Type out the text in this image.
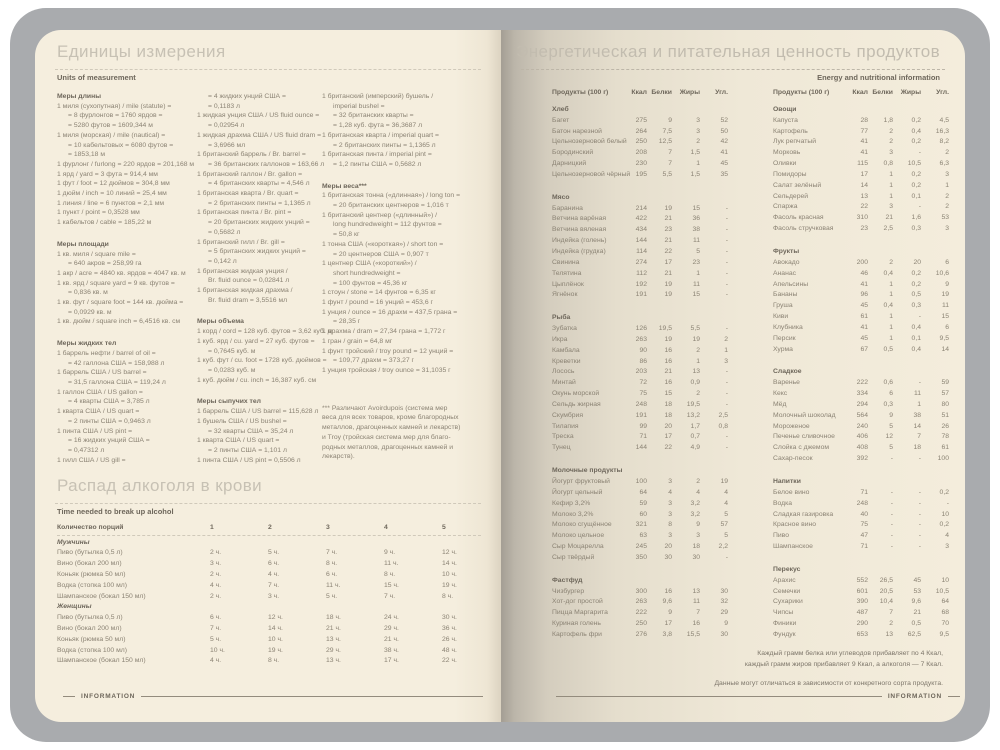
Единицы измерения
Units of measurement
Меры длины
1 миля (сухопутная) / mile (statute) =
= 8 фурлонгов = 1760 ярдов =
= 5280 футов = 1609,344 м
1 миля (морская) / mile (nautical) =
= 10 кабельтовых = 6080 футов =
= 1853,18 м
1 фурлонг / furlong = 220 ярдов = 201,168 м
1 ярд / yard = 3 фута = 914,4 мм
1 фут / foot = 12 дюймов = 304,8 мм
1 дюйм / inch = 10 линий = 25,4 мм
1 линия / line = 6 пунктов = 2,1 мм
1 пункт / point = 0,3528 мм
1 кабельтов / cable = 185,22 м
Меры площади
1 кв. миля / square mile =
= 640 акров = 258,99 га
1 акр / acre = 4840 кв. ярдов = 4047 кв. м
1 кв. ярд / square yard = 9 кв. футов =
= 0,836 кв. м
1 кв. фут / square foot = 144 кв. дюйма =
= 0,0929 кв. м
1 кв. дюйм / square inch = 6,4516 кв. см
Меры жидких тел
1 баррель нефти / barrel of oil =
= 42 галлона США = 158,988 л
1 баррель США / US barrel =
= 31,5 галлона США = 119,24 л
1 галлон США / US gallon =
= 4 кварты США = 3,785 л
1 кварта США / US quart =
= 2 пинты США = 0,9463 л
1 пинта США / US pint =
= 16 жидких унций США =
= 0,47312 л
1 гилл США / US gill =
= 4 жидких унций США =
= 0,1183 л
1 жидкая унция США / US fluid ounce =
= 0,02954 л
1 жидкая драхма США / US fluid dram =
= 3,6966 мл
1 британский баррель / Br. barrel =
= 36 британских галлонов = 163,66 л
1 британский галлон / Br. gallon =
= 4 британских кварты = 4,546 л
1 британская кварта / Br. quart =
= 2 британских пинты = 1,1365 л
1 британская пинта / Br. pint =
= 20 британских жидких унций =
= 0,5682 л
1 британский гилл / Br. gill =
= 5 британских жидких унций =
= 0,142 л
1 британская жидкая унция /
Br. fluid ounce = 0,02841 л
1 британская жидкая драхма /
Br. fluid dram = 3,5516 мл
Меры объема
1 корд / cord = 128 куб. футов = 3,62 куб. м
1 куб. ярд / cu. yard = 27 куб. футов =
= 0,7645 куб. м
1 куб. фут / cu. foot = 1728 куб. дюймов =
= 0,0283 куб. м
1 куб. дюйм / cu. inch = 16,387 куб. см
Меры сыпучих тел
1 баррель США / US barrel = 115,628 л
1 бушель США / US bushel =
= 32 кварты США = 35,24 л
1 кварта США / US quart =
= 2 пинты США = 1,101 л
1 пинта США / US pint = 0,5506 л
1 британский (имперский) бушель /
imperial bushel =
= 32 британских кварты =
= 1,28 куб. фута = 36,3687 л
1 британская кварта / imperial quart =
= 2 британских пинты = 1,1365 л
1 британская пинта / imperial pint =
= 1,2 пинты США = 0,5682 л
Меры веса***
1 британская тонна («длинная») / long ton =
= 20 британских центнеров = 1,016 т
1 британский центнер («длинный») /
long hundredweight = 112 фунтов =
= 50,8 кг
1 тонна США («короткая») / short ton =
= 20 центнеров США = 0,907 т
1 центнер США («короткий») /
short hundredweight =
= 100 фунтов = 45,36 кг
1 стоун / stone = 14 фунтов = 6,35 кг
1 фунт / pound = 16 унций = 453,6 г
1 унция / ounce = 16 драхм = 437,5 грана =
= 28,35 г
1 драхма / dram = 27,34 грана = 1,772 г
1 гран / grain = 64,8 мг
1 фунт тройский / troy pound = 12 унций =
= 109,77 драхм = 373,27 г
1 унция тройская / troy ounce = 31,1035 г
*** Различают Avoirdupois (система мер
веса для всех товаров, кроме благородных
металлов, драгоценных камней и лекарств)
и Troy (тройская система мер для благо-
родных металлов, драгоценных камней и
лекарств).
Распад алкоголя в крови
Time needed to break up alcohol
Количество порций	1	2	3	4	5
Мужчины
Пиво (бутылка 0,5 л)	2 ч.	5 ч.	7 ч.	9 ч.	12 ч.
Вино (бокал 200 мл)	3 ч.	6 ч.	8 ч.	11 ч.	14 ч.
Коньяк (рюмка 50 мл)	2 ч.	4 ч.	6 ч.	8 ч.	10 ч.
Водка (стопка 100 мл)	4 ч.	7 ч.	11 ч.	15 ч.	19 ч.
Шампанское (бокал 150 мл)	2 ч.	3 ч.	5 ч.	7 ч.	8 ч.
Женщины
Пиво (бутылка 0,5 л)	6 ч.	12 ч.	18 ч.	24 ч.	30 ч.
Вино (бокал 200 мл)	7 ч.	14 ч.	21 ч.	29 ч.	36 ч.
Коньяк (рюмка 50 мл)	5 ч.	10 ч.	13 ч.	21 ч.	26 ч.
Водка (стопка 100 мл)	10 ч.	19 ч.	29 ч.	38 ч.	48 ч.
Шампанское (бокал 150 мл)	4 ч.	8 ч.	13 ч.	17 ч.	22 ч.
INFORMATION
Энергетическая и питательная ценность продуктов
Energy and nutritional information
Продукты (100 г)	Ккал Белки	Жиры	Угл.
Хлеб
Багет	275	9	3	52
Батон нарезной	264	7,5	3	50
Цельнозерновой белый	250	12,5	2	42
Бородинский	208	7	1,5	41
Дарницкий	230	7	1	45
Цельнозерновой чёрный 195	5,5	1,5	35
Мясо
Баранина	214	19	15	-
Ветчина варёная	422	21	36	-
Ветчина вяленая	434	23	38	-
Индейка (голень)	144	21	11	-
Индейка (грудка)	114	22	5	-
Свинина	274	17	23	-
Телятина	112	21	1	-
Цыплёнок	192	19	11	-
Ягнёнок	191	19	15	-
Рыба
Зубатка	126	19,5	5,5	-
Икра	263	19	19	2
Камбала	90	16	2	1
Креветки	86	16	1	3
Лосось	203	21	13	-
Минтай	72	16	0,9	-
Окунь морской	75	15	2	-
Сельдь жирная	248	18	19,5	-
Скумбрия	191	18	13,2	2,5
Тилапия	99	20	1,7	0,8
Треска	71	17	0,7	-
Тунец	144	22	4,9	-
Молочные продукты
Йогурт фруктовый	100	3	2	19
Йогурт цельный	64	4	4	4
Кефир 3,2%	59	3	3,2	4
Молоко 3,2%	60	3	3,2	5
Молоко сгущённое	321	8	9	57
Молоко цельное	63	3	3	5
Сыр Моцарелла	245	20	18	2,2
Сыр твёрдый	350	30	30	-
Фастфуд
Чизбургер	300	16	13	30
Хот-дог простой	263	9,6	11	32
Пицца Маргарита	222	9	7	29
Куриная голень	250	17	16	9
Картофель фри	276	3,8	15,5	30
Продукты (100 г)	Ккал Белки	Жиры	Угл.
Овощи
Капуста	28	1,8	0,2	4,5
Картофель	77	2	0,4	16,3
Лук репчатый	41	2	0,2	8,2
Морковь	41	3	-	2
Оливки	115	0,8	10,5	6,3
Помидоры	17	1	0,2	3
Салат зелёный	14	1	0,2	1
Сельдерей	13	1	0,1	2
Спаржа	22	3	-	2
Фасоль красная	310	21	1,6	53
Фасоль стручковая	23	2,5	0,3	3
Фрукты
Авокадо	200	2	20	6
Ананас	46	0,4	0,2	10,6
Апельсины	41	1	0,2	9
Бананы	96	1	0,5	19
Груша	45	0,4	0,3	11
Киви	61	1	-	15
Клубника	41	1	0,4	6
Персик	45	1	0,1	9,5
Хурма	67	0,5	0,4	14
Сладкое
Варенье	222	0,6	-	59
Кекс	334	6	11	57
Мёд	294	0,3	1	80
Молочный шоколад	564	9	38	51
Мороженое	240	5	14	26
Печенье сливочное	406	12	7	78
Слойка с джемом	408	5	18	61
Сахар-песок	392	-	-	100
Напитки
Белое вино	71	-	-	0,2
Водка	248	-	-	-
Сладкая газировка	40	-	-	10
Красное вино	75	-	-	0,2
Пиво	47	-	-	4
Шампанское	71	-	-	3
Перекус
Арахис	552	26,5	45	10
Семечки	601	20,5	53	10,5
Сухарики	390	10,4	9,6	64
Чипсы	487	7	21	68
Финики	290	2	0,5	70
Фундук	653	13	62,5	9,5
Каждый грамм белка или углеводов прибавляет по 4 Ккал,
каждый грамм жиров прибавляет 9 Ккал, а алкоголя — 7 Ккал.
Данные могут отличаться в зависимости от конкретного сорта продукта.
INFORMATION
